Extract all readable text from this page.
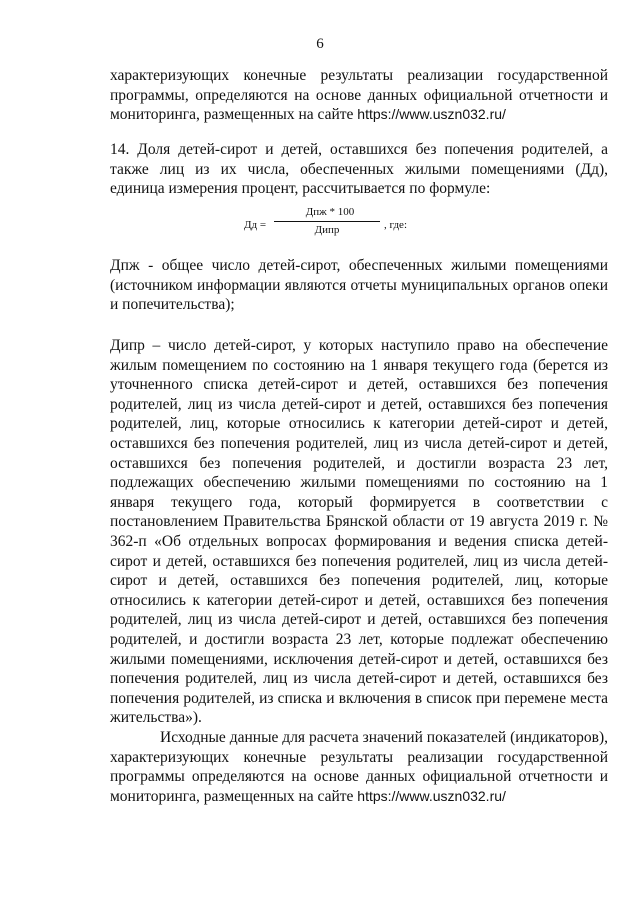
6

характеризующих конечные результаты реализации государственной программы, определяются на основе данных официальной отчетности и мониторинга, размещенных на сайте https://www.uszn032.ru/

14. Доля детей-сирот и детей, оставшихся без попечения родителей, а также лиц из их числа, обеспеченных жилыми помещениями (Дд), единица измерения процент, рассчитывается по формуле:

Дд =
Дпж * 100
Дипр	, где:

Дпж - общее число детей-сирот, обеспеченных жилыми помещениями (источником информации являются отчеты муниципальных органов опеки и попечительства);

Дипр – число детей-сирот, у которых наступило право на обеспечение жилым помещением по состоянию на 1 января текущего года (берется из уточненного списка детей-сирот и детей, оставшихся без попечения родителей, лиц из числа детей-сирот и детей, оставшихся без попечения родителей, лиц, которые относились к категории детей-сирот и детей, оставшихся без попечения родителей, лиц из числа детей-сирот и детей, оставшихся без попечения родителей, и достигли возраста 23 лет, подлежащих обеспечению жилыми помещениями по состоянию на 1 января текущего года, который формируется в соответствии с постановлением Правительства Брянской области от 19 августа 2019 г. № 362-п «Об отдельных вопросах формирования и ведения списка детей-сирот и детей, оставшихся без попечения родителей, лиц из числа детей-сирот и детей, оставшихся без попечения родителей, лиц, которые относились к категории детей-сирот и детей, оставшихся без попечения родителей, лиц из числа детей-сирот и детей, оставшихся без попечения родителей, и достигли возраста 23 лет, которые подлежат обеспечению жилыми помещениями, исключения детей-сирот и детей, оставшихся без попечения родителей, лиц из числа детей-сирот и детей, оставшихся без попечения родителей, из списка и включения в список при перемене места жительства»).

Исходные данные для расчета значений показателей (индикаторов), характеризующих конечные результаты реализации государственной программы определяются на основе данных официальной отчетности и мониторинга, размещенных на сайте https://www.uszn032.ru/
